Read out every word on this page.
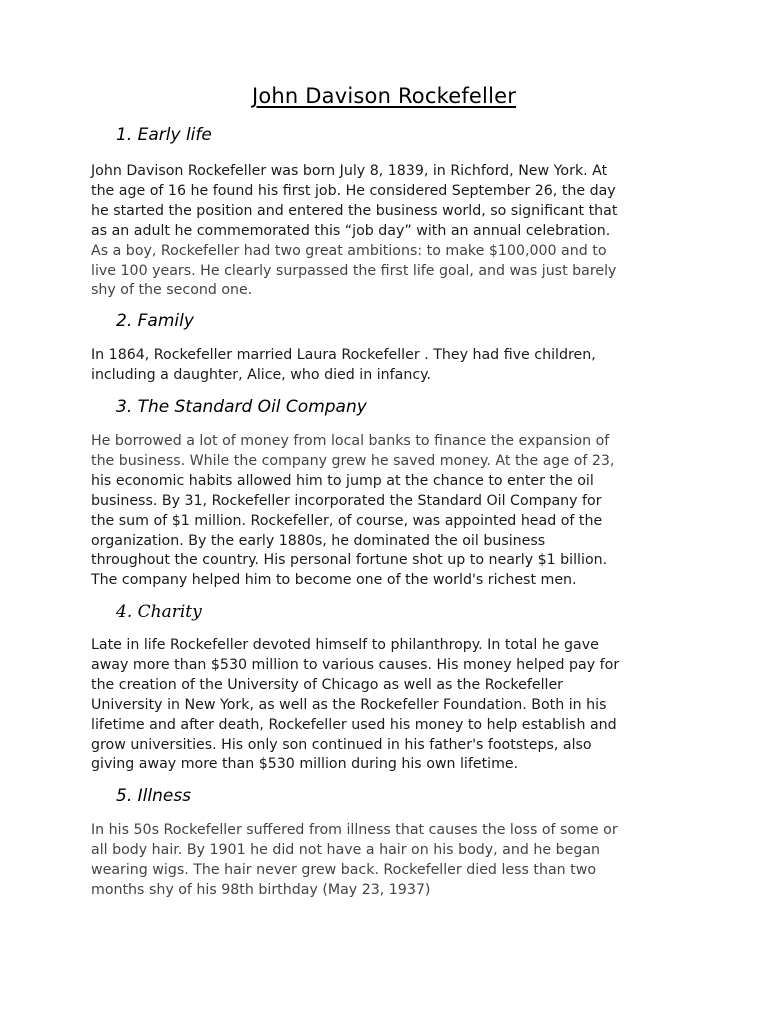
John Davison Rockefeller
1. Early life
John Davison Rockefeller was born July 8, 1839, in Richford, New York. At
the age of 16 he found his first job. He considered September 26, the day
he started the position and entered the business world, so significant that
as an adult he commemorated this “job day” with an annual celebration.
As a boy, Rockefeller had two great ambitions: to make $100,000 and to
live 100 years. He clearly surpassed the first life goal, and was just barely
shy of the second one.
2. Family
In 1864, Rockefeller married Laura Rockefeller . They had five children,
including a daughter, Alice, who died in infancy.
3. The Standard Oil Company
He borrowed a lot of money from local banks to finance the expansion of
the business. While the company grew he saved money. At the age of 23,
his economic habits allowed him to jump at the chance to enter the oil
business. By 31, Rockefeller incorporated the Standard Oil Company for
the sum of $1 million. Rockefeller, of course, was appointed head of the
organization. By the early 1880s, he dominated the oil business
throughout the country. His personal fortune shot up to nearly $1 billion.
The company helped him to become one of the world's richest men.
4. Charity
Late in life Rockefeller devoted himself to philanthropy. In total he gave
away more than $530 million to various causes. His money helped pay for
the creation of the University of Chicago as well as the Rockefeller
University in New York, as well as the Rockefeller Foundation. Both in his
lifetime and after death, Rockefeller used his money to help establish and
grow universities. His only son continued in his father's footsteps, also
giving away more than $530 million during his own lifetime.
5. Illness
In his 50s Rockefeller suffered from illness that causes the loss of some or
all body hair. By 1901 he did not have a hair on his body, and he began
wearing wigs. The hair never grew back. Rockefeller died less than two
months shy of his 98th birthday (May 23, 1937)
